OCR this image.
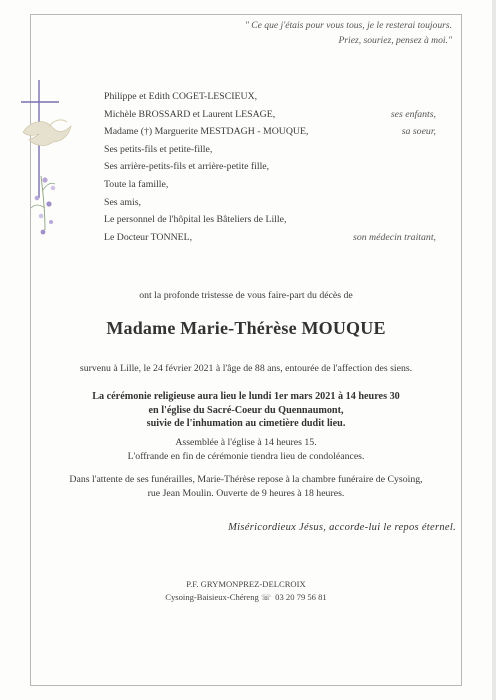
" Ce que j'étais pour vous tous, je le resterai toujours.
Priez, souriez, pensez à moi."
Philippe et Edith COGET-LESCIEUX,
Michèle BROSSARD et Laurent LESAGE,	ses enfants,
Madame (†) Marguerite MESTDAGH - MOUQUE,	sa soeur,
Ses petits-fils et petite-fille,
Ses arrière-petits-fils et arrière-petite fille,
Toute la famille,
Ses amis,
Le personnel de l'hôpital les Bâteliers de Lille,
Le Docteur TONNEL,	son médecin traitant,
ont la profonde tristesse de vous faire-part du décès de
Madame Marie-Thérèse MOUQUE
survenu à Lille, le 24 février 2021 à l'âge de 88 ans, entourée de l'affection des siens.
La cérémonie religieuse aura lieu le lundi 1er mars 2021 à 14 heures 30
en l'église du Sacré-Coeur du Quennaumont,
suivie de l'inhumation au cimetière dudit lieu.
Assemblée à l'église à 14 heures 15.
L'offrande en fin de cérémonie tiendra lieu de condoléances.
Dans l'attente de ses funérailles, Marie-Thérèse repose à la chambre funéraire de Cysoing,
rue Jean Moulin. Ouverte de 9 heures à 18 heures.
Miséricordieux Jésus, accorde-lui le repos éternel.
P.F. GRYMONPREZ-DELCROIX
Cysoing-Baisieux-Chéreng ☏ 03 20 79 56 81
